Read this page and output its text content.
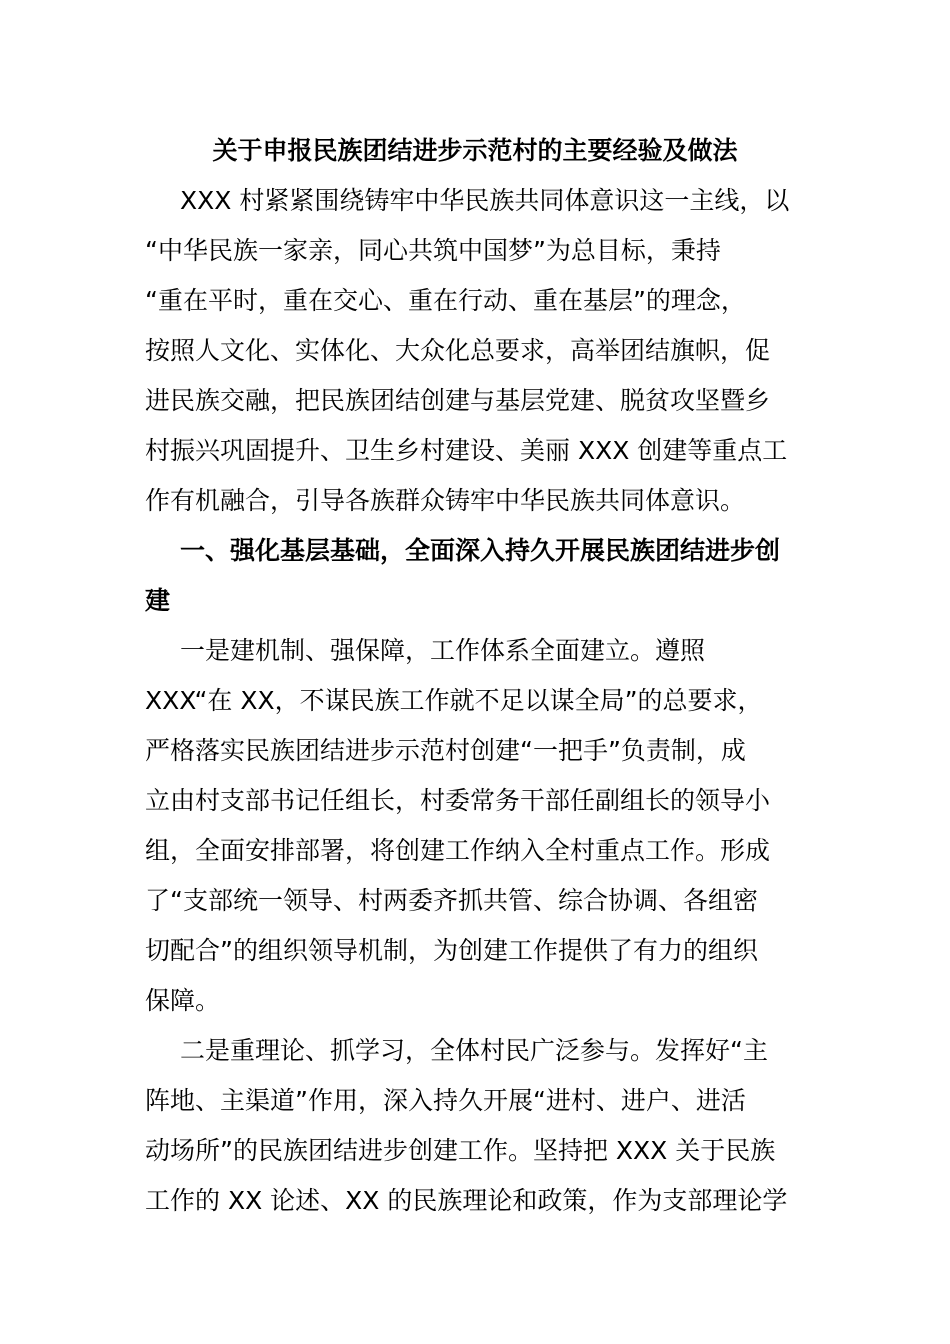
关于申报民族团结进步示范村的主要经验及做法
XXX 村紧紧围绕铸牢中华民族共同体意识这一主线，以
“中华民族一家亲，同心共筑中国梦”为总目标，秉持
“重在平时，重在交心、重在行动、重在基层”的理念，
按照人文化、实体化、大众化总要求，高举团结旗帜，促
进民族交融，把民族团结创建与基层党建、脱贫攻坚暨乡
村振兴巩固提升、卫生乡村建设、美丽 XXX 创建等重点工
作有机融合，引导各族群众铸牢中华民族共同体意识。
一、强化基层基础，全面深入持久开展民族团结进步创
建
一是建机制、强保障，工作体系全面建立。遵照
XXX“在 XX，不谋民族工作就不足以谋全局”的总要求，
严格落实民族团结进步示范村创建“一把手”负责制，成
立由村支部书记任组长，村委常务干部任副组长的领导小
组，全面安排部署，将创建工作纳入全村重点工作。形成
了“支部统一领导、村两委齐抓共管、综合协调、各组密
切配合”的组织领导机制，为创建工作提供了有力的组织
保障。
二是重理论、抓学习，全体村民广泛参与。发挥好“主
阵地、主渠道”作用，深入持久开展“进村、进户、进活
动场所”的民族团结进步创建工作。坚持把 XXX 关于民族
工作的 XX 论述、XX 的民族理论和政策，作为支部理论学
